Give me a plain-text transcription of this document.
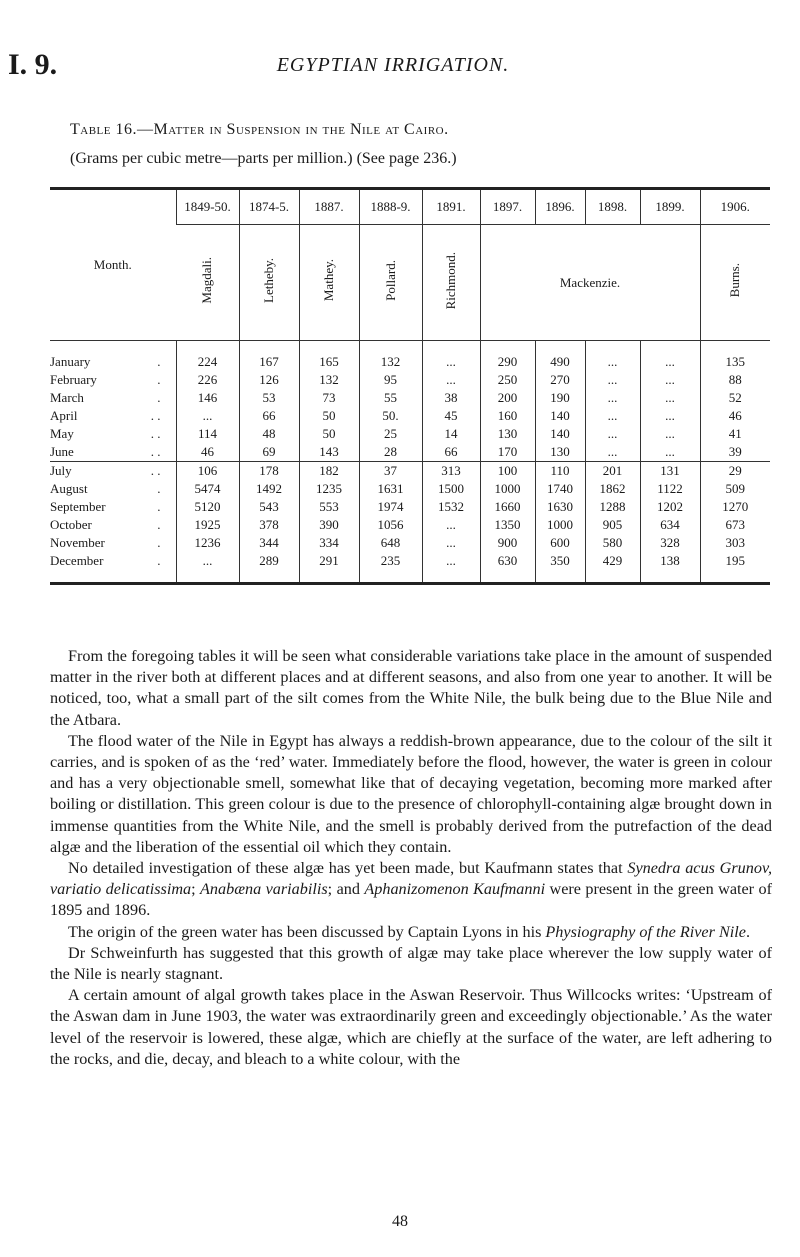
I. 9.	EGYPTIAN IRRIGATION.
Table 16.—Matter in Suspension in the Nile at Cairo.
(Grams per cubic metre—parts per million.) (See page 236.)
Month.	1849-50.	1874-5.	1887.	1888-9.	1891.	1897.	1896.	1898.	1899.	1906.
	Magdali.	Letheby.	Mathey.	Pollard.	Richmond.	Mackenzie.				Burns.

.
January	224	167	165	132	...	290	490	...	...	135

.
February	226	126	132	95	...	250	270	...	...	88

.
March	146	53	73	55	38	200	190	...	...	52

. .
April	...	66	50	50.	45	160	140	...	...	46

. .
May	114	48	50	25	14	130	140	...	...	41

. .
June	46	69	143	28	66	170	130	...	...	39

. .
July	106	178	182	37	313	100	110	201	131	29

.
August	5474	1492	1235	1631	1500	1000	1740	1862	1122	509

.
September	5120	543	553	1974	1532	1660	1630	1288	1202	1270

.
October	1925	378	390	1056	...	1350	1000	905	634	673

.
November	1236	344	334	648	...	900	600	580	328	303

.
December	...	289	291	235	...	630	350	429	138	195

From the foregoing tables it will be seen what considerable variations take place in the amount of suspended matter in the river both at different places and at different seasons, and also from one year to another. It will be noticed, too, what a small part of the silt comes from the White Nile, the bulk being due to the Blue Nile and the Atbara.

The flood water of the Nile in Egypt has always a reddish-brown appearance, due to the colour of the silt it carries, and is spoken of as the ‘red’ water. Immediately before the flood, however, the water is green in colour and has a very objectionable smell, somewhat like that of decaying vegetation, becoming more marked after boiling or distillation. This green colour is due to the presence of chlorophyll-containing algæ brought down in immense quantities from the White Nile, and the smell is probably derived from the putrefaction of the dead algæ and the liberation of the essential oil which they contain.

No detailed investigation of these algæ has yet been made, but Kaufmann states that Synedra acus Grunov, variatio delicatissima; Anabæna variabilis; and Aphanizomenon Kaufmanni were present in the green water of 1895 and 1896.

The origin of the green water has been discussed by Captain Lyons in his Physiography of the River Nile.

Dr Schweinfurth has suggested that this growth of algæ may take place wherever the low supply water of the Nile is nearly stagnant.

A certain amount of algal growth takes place in the Aswan Reservoir. Thus Willcocks writes: ‘Upstream of the Aswan dam in June 1903, the water was extraordinarily green and exceedingly objectionable.’ As the water level of the reservoir is lowered, these algæ, which are chiefly at the surface of the water, are left adhering to the rocks, and die, decay, and bleach to a white colour, with the

48
